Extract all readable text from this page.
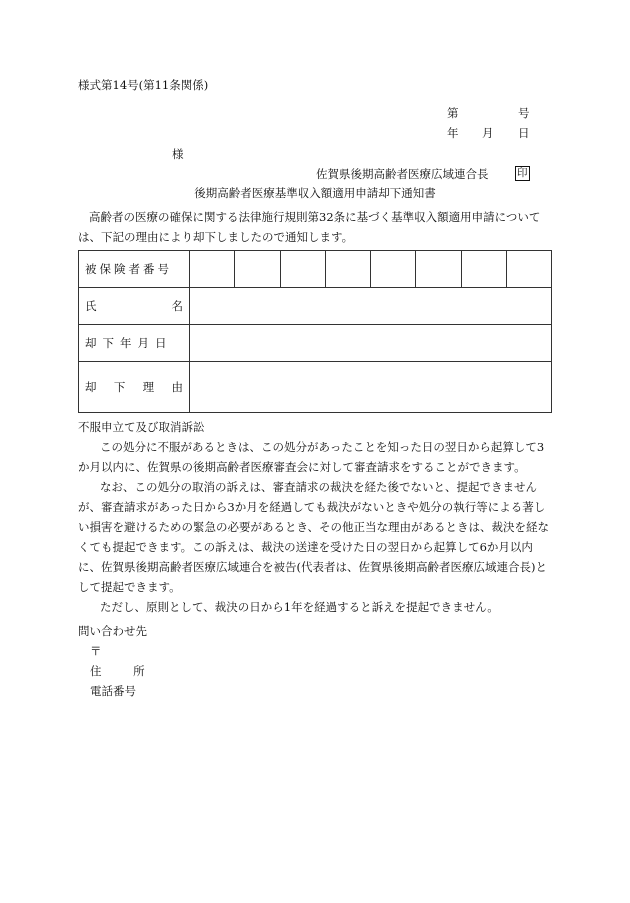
様式第14号(第11条関係)
第	号
年 月 日
様
佐賀県後期高齢者医療広域連合長	印
後期高齢者医療基準収入額適用申請却下通知書
高齢者の医療の確保に関する法律施行規則第32条に基づく基準収入額適用申請については、下記の理由により却下しましたので通知します。
被保険者番号								

氏 名								

却下年月日								

却 下 理 由								

不服申立て及び取消訴訟

この処分に不服があるときは、この処分があったことを知った日の翌日から起算して3か月以内に、佐賀県の後期高齢者医療審査会に対して審査請求をすることができます。

なお、この処分の取消の訴えは、審査請求の裁決を経た後でないと、提起できませんが、審査請求があった日から3か月を経過しても裁決がないときや処分の執行等による著しい損害を避けるための緊急の必要があるとき、その他正当な理由があるときは、裁決を経なくても提起できます。この訴えは、裁決の送達を受けた日の翌日から起算して6か月以内に、佐賀県後期高齢者医療広域連合を被告(代表者は、佐賀県後期高齢者医療広域連合長)として提起できます。

ただし、原則として、裁決の日から1年を経過すると訴えを提起できません。

問い合わせ先
〒
住 所
電話番号
